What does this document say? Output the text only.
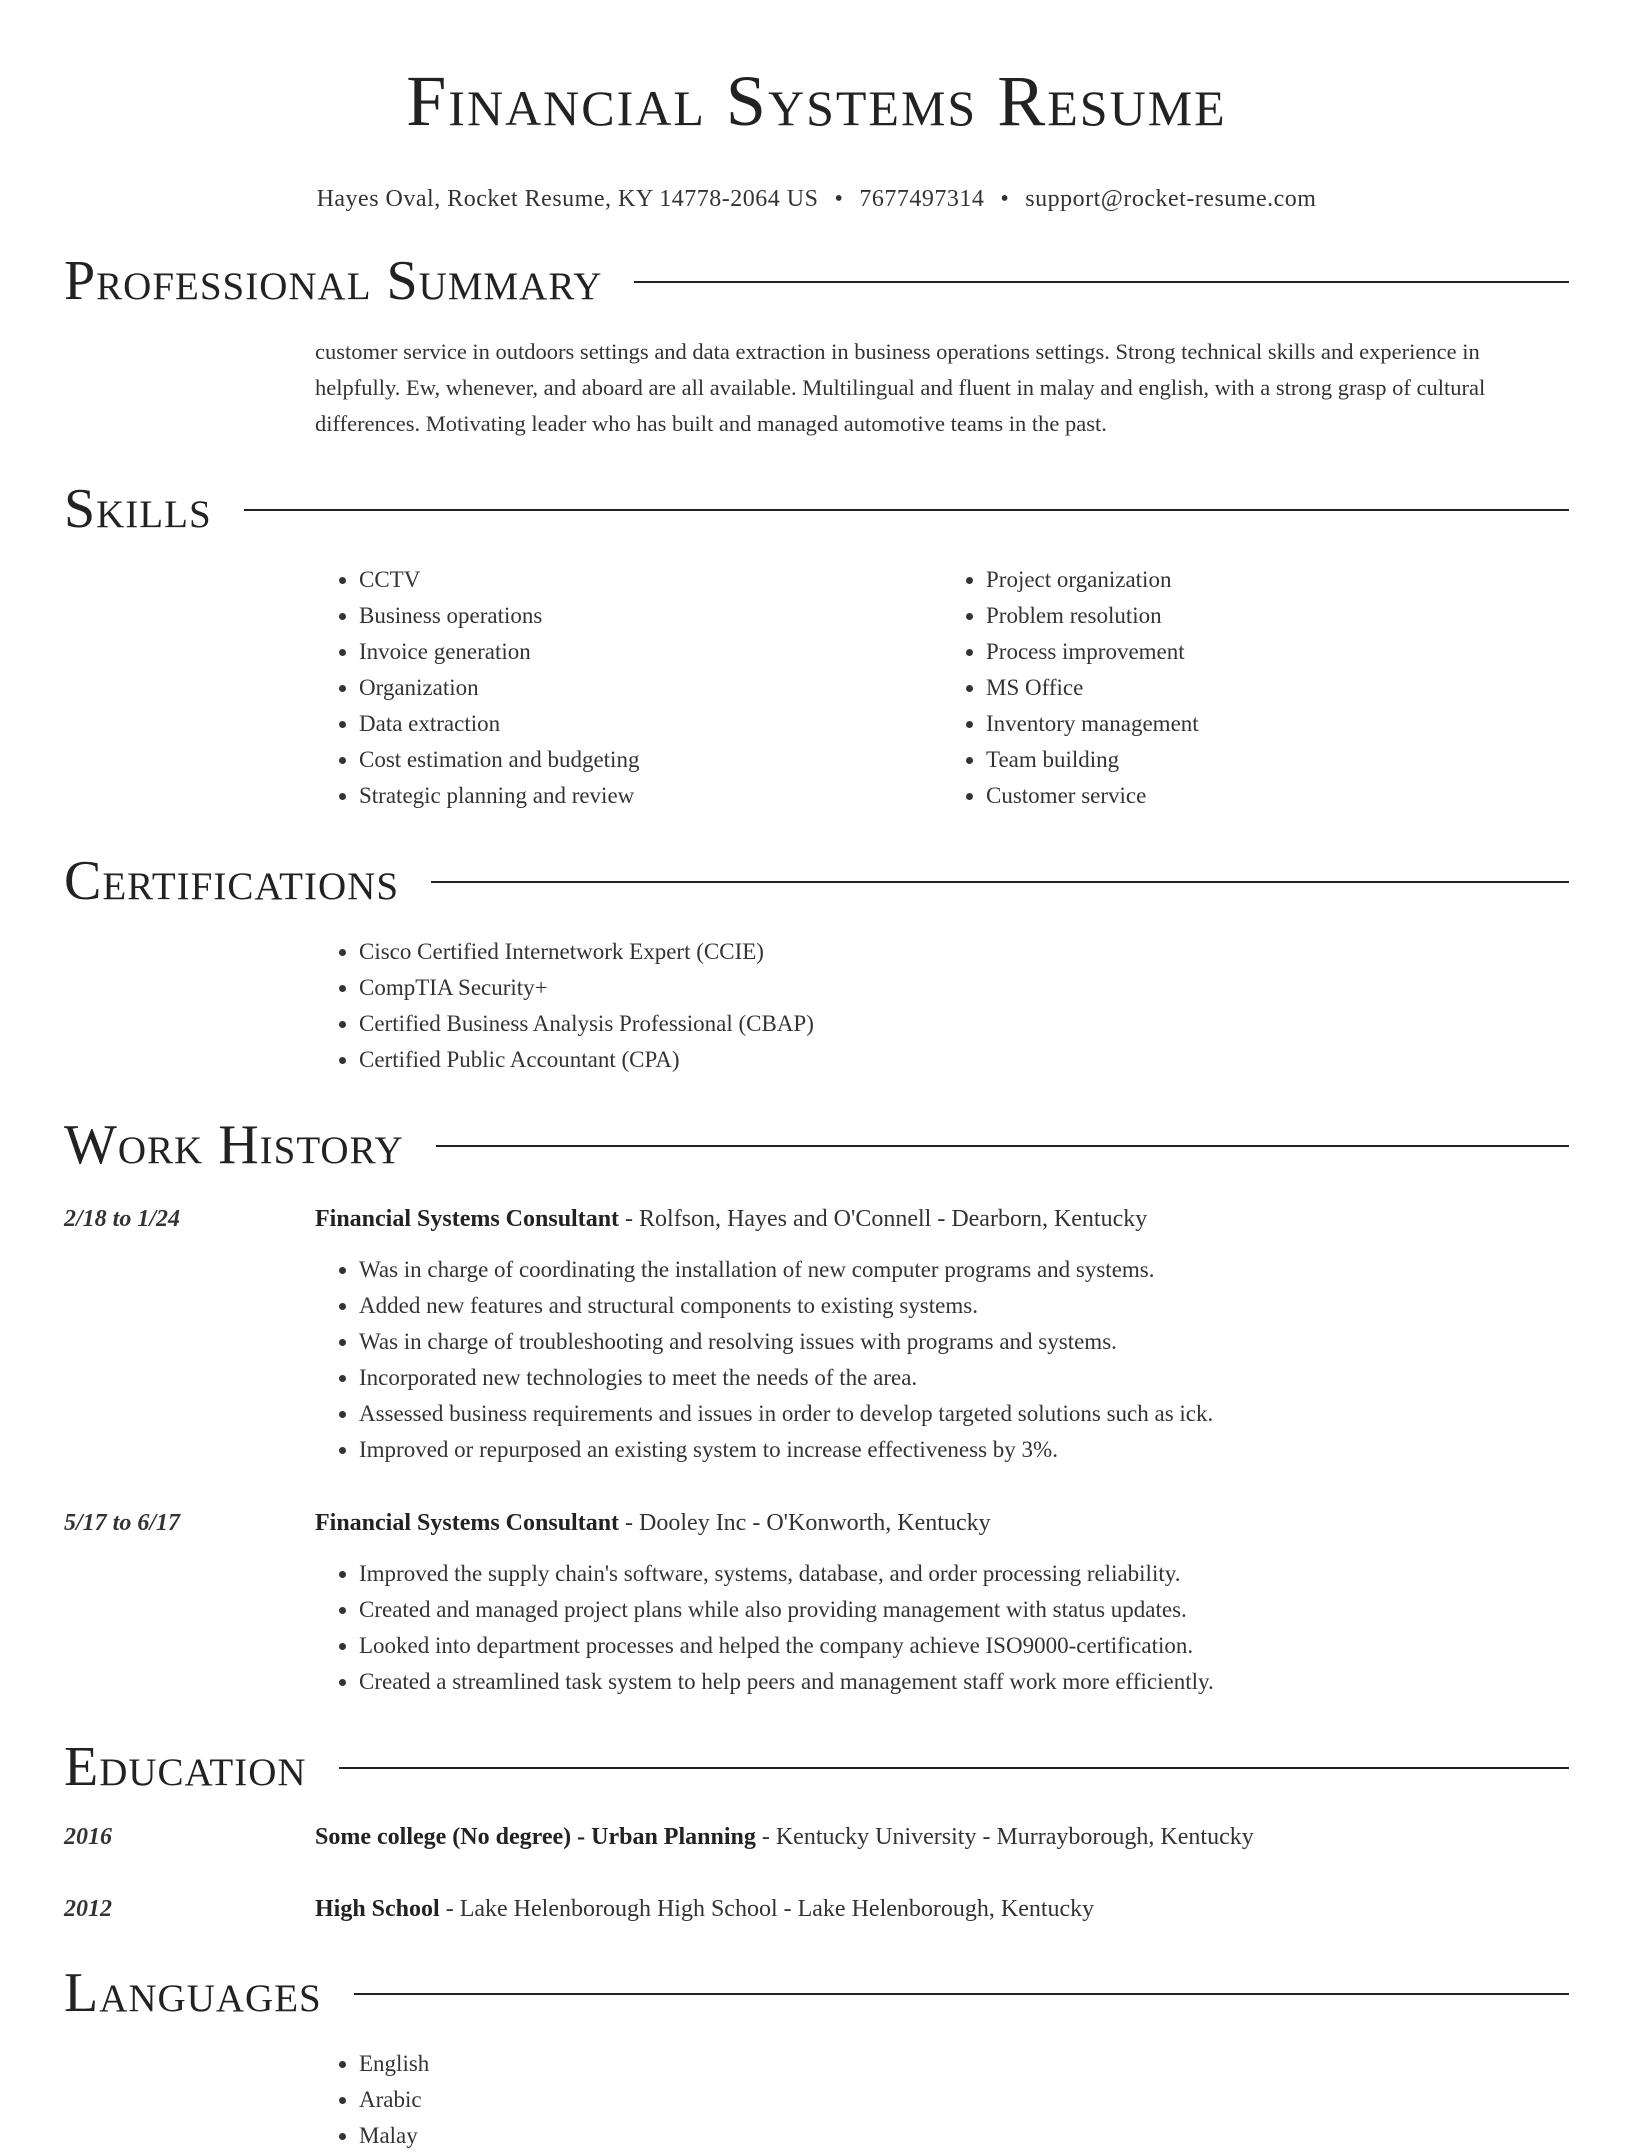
Financial Systems Resume
Hayes Oval, Rocket Resume, KY 14778-2064 US • 7677497314 • support@rocket-resume.com
Professional Summary
customer service in outdoors settings and data extraction in business operations settings. Strong technical skills and experience in helpfully. Ew, whenever, and aboard are all available. Multilingual and fluent in malay and english, with a strong grasp of cultural differences. Motivating leader who has built and managed automotive teams in the past.
Skills
• CCTV
• Business operations
• Invoice generation
• Organization
• Data extraction
• Cost estimation and budgeting
• Strategic planning and review
• Project organization
• Problem resolution
• Process improvement
• MS Office
• Inventory management
• Team building
• Customer service
Certifications
• Cisco Certified Internetwork Expert (CCIE)
• CompTIA Security+
• Certified Business Analysis Professional (CBAP)
• Certified Public Accountant (CPA)
Work History
2/18 to 1/24	Financial Systems Consultant - Rolfson, Hayes and O'Connell - Dearborn, Kentucky
• Was in charge of coordinating the installation of new computer programs and systems.
• Added new features and structural components to existing systems.
• Was in charge of troubleshooting and resolving issues with programs and systems.
• Incorporated new technologies to meet the needs of the area.
• Assessed business requirements and issues in order to develop targeted solutions such as ick.
• Improved or repurposed an existing system to increase effectiveness by 3%.
5/17 to 6/17	Financial Systems Consultant - Dooley Inc - O'Konworth, Kentucky
• Improved the supply chain's software, systems, database, and order processing reliability.
• Created and managed project plans while also providing management with status updates.
• Looked into department processes and helped the company achieve ISO9000-certification.
• Created a streamlined task system to help peers and management staff work more efficiently.
Education
2016	Some college (No degree) - Urban Planning - Kentucky University - Murrayborough, Kentucky
2012	High School - Lake Helenborough High School - Lake Helenborough, Kentucky
Languages
• English
• Arabic
• Malay
